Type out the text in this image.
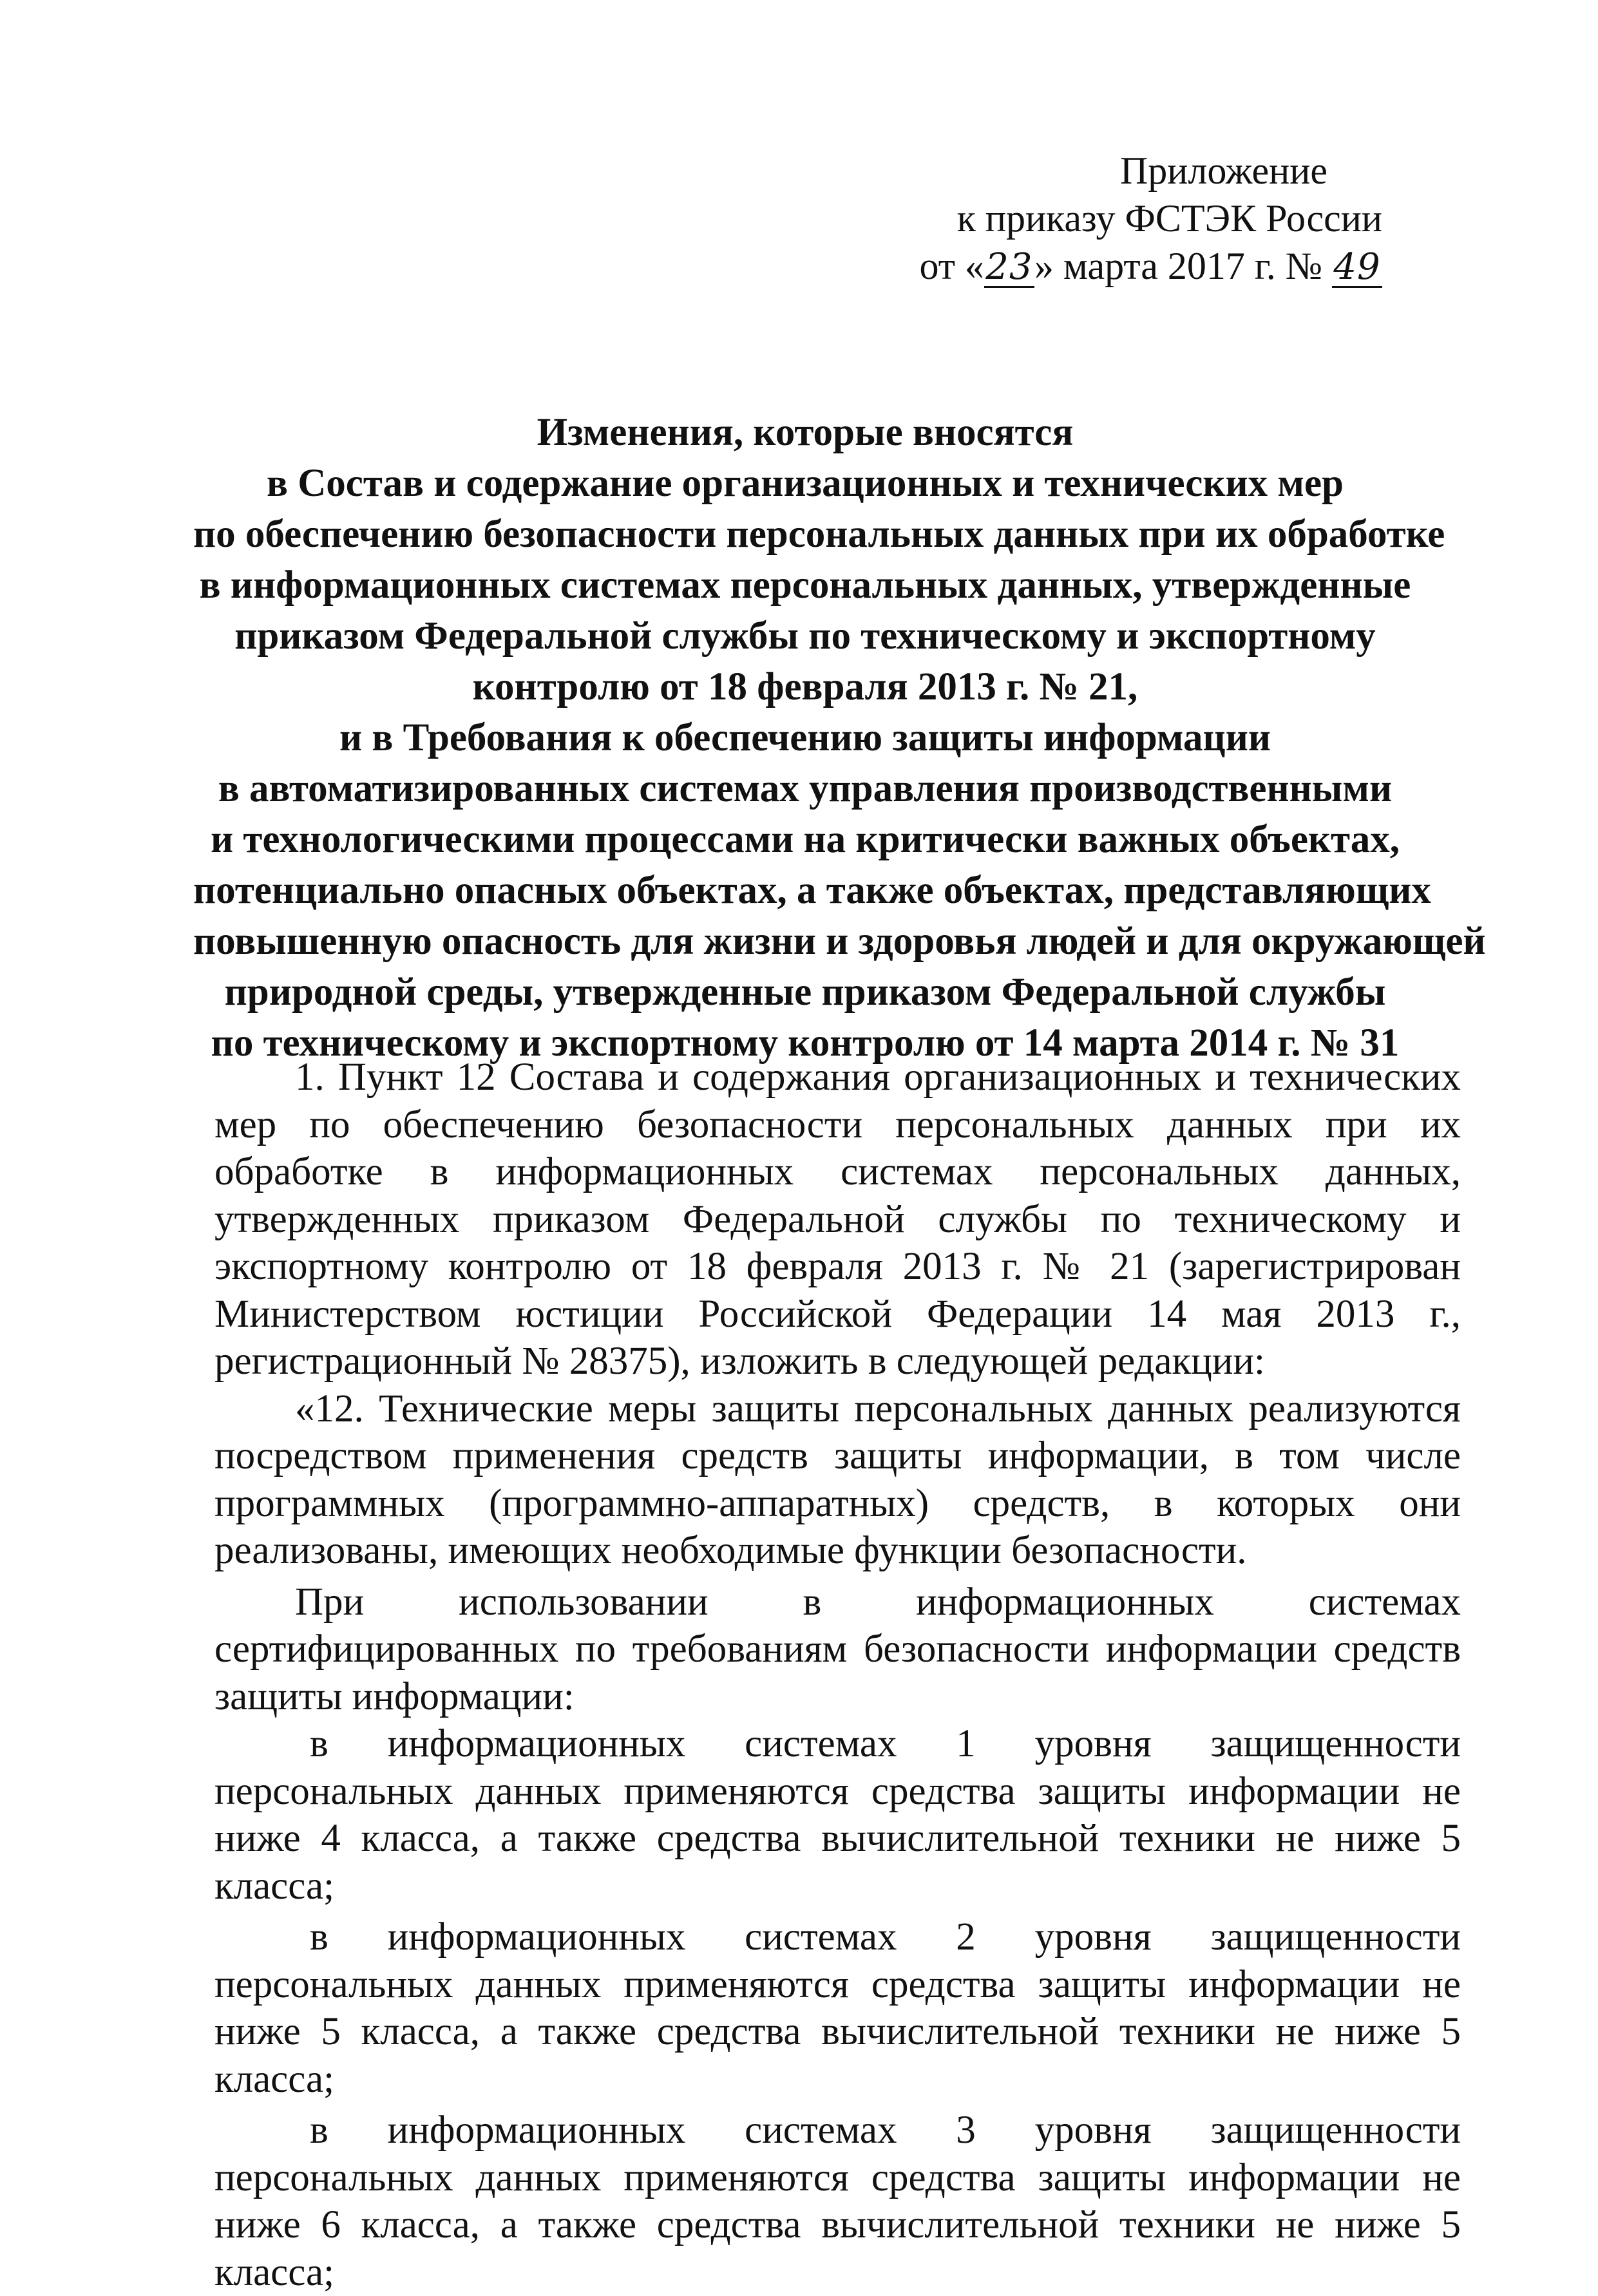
Приложение
к приказу ФСТЭК России
от «23» марта 2017 г. № 49
Изменения, которые вносятся
в Состав и содержание организационных и технических мер
по обеспечению безопасности персональных данных при их обработке
в информационных системах персональных данных, утвержденные
приказом Федеральной службы по техническому и экспортному
контролю от 18 февраля 2013 г. № 21,
и в Требования к обеспечению защиты информации
в автоматизированных системах управления производственными
и технологическими процессами на критически важных объектах,
потенциально опасных объектах, а также объектах, представляющих
повышенную опасность для жизни и здоровья людей и для окружающей
природной среды, утвержденные приказом Федеральной службы
по техническому и экспортному контролю от 14 марта 2014 г. № 31

1. Пункт 12 Состава и содержания организационных и технических мер по обеспечению безопасности персональных данных при их обработке в информационных системах персональных данных, утвержденных приказом Федеральной службы по техническому и экспортному контролю от 18 февраля 2013 г. № 21 (зарегистрирован Министерством юстиции Российской Федерации 14 мая 2013 г., регистрационный № 28375), изложить в следующей редакции:

«12. Технические меры защиты персональных данных реализуются посредством применения средств защиты информации, в том числе программных (программно-аппаратных) средств, в которых они реализованы, имеющих необходимые функции безопасности.

При использовании в информационных системах сертифицированных по требованиям безопасности информации средств защиты информации:

в информационных системах 1 уровня защищенности персональных данных применяются средства защиты информации не ниже 4 класса, а также средства вычислительной техники не ниже 5 класса;

в информационных системах 2 уровня защищенности персональных данных применяются средства защиты информации не ниже 5 класса, а также средства вычислительной техники не ниже 5 класса;

в информационных системах 3 уровня защищенности персональных данных применяются средства защиты информации не ниже 6 класса, а также средства вычислительной техники не ниже 5 класса;
